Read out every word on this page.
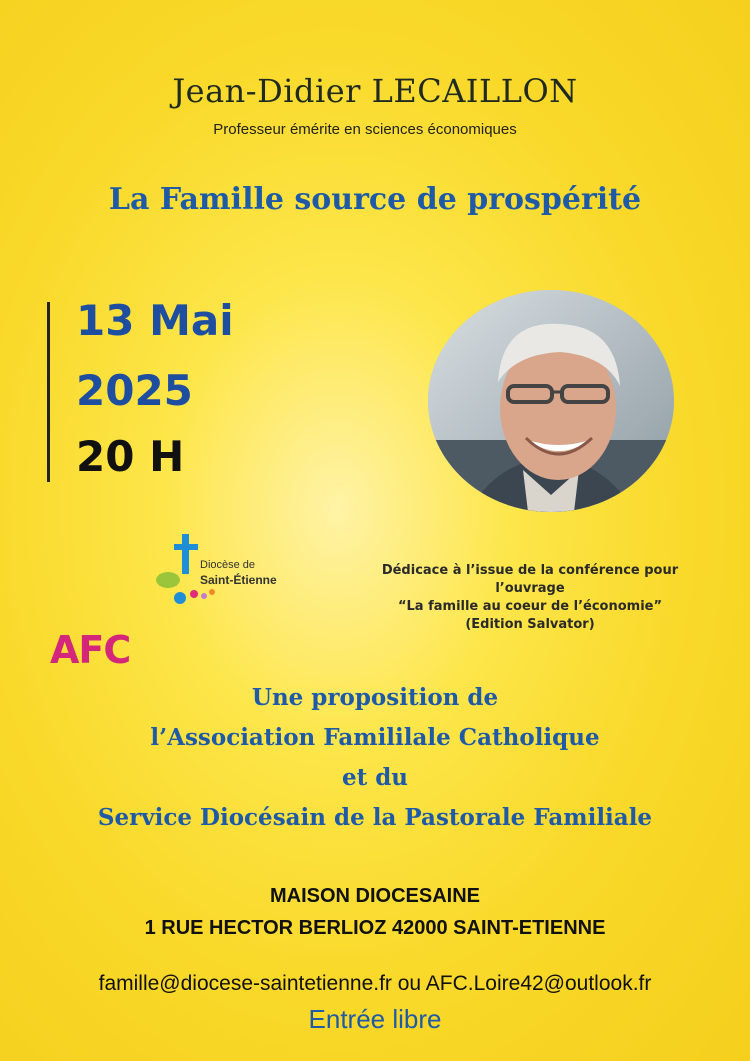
Jean-Didier LECAILLON
Professeur émérite en sciences économiques
La Famille source de prospérité
13 Mai
2025
20 H
Diocèse de
Saint-Étienne
Dédicace à l’issue de la conférence pour
l’ouvrage
“La famille au coeur de l’économie”
(Edition Salvator)
AFC
Une proposition de
l’Association Famililale Catholique
et du
Service Diocésain de la Pastorale Familiale
MAISON DIOCESAINE
1 RUE HECTOR BERLIOZ 42000 SAINT-ETIENNE
famille@diocese-saintetienne.fr ou AFC.Loire42@outlook.fr
Entrée libre
